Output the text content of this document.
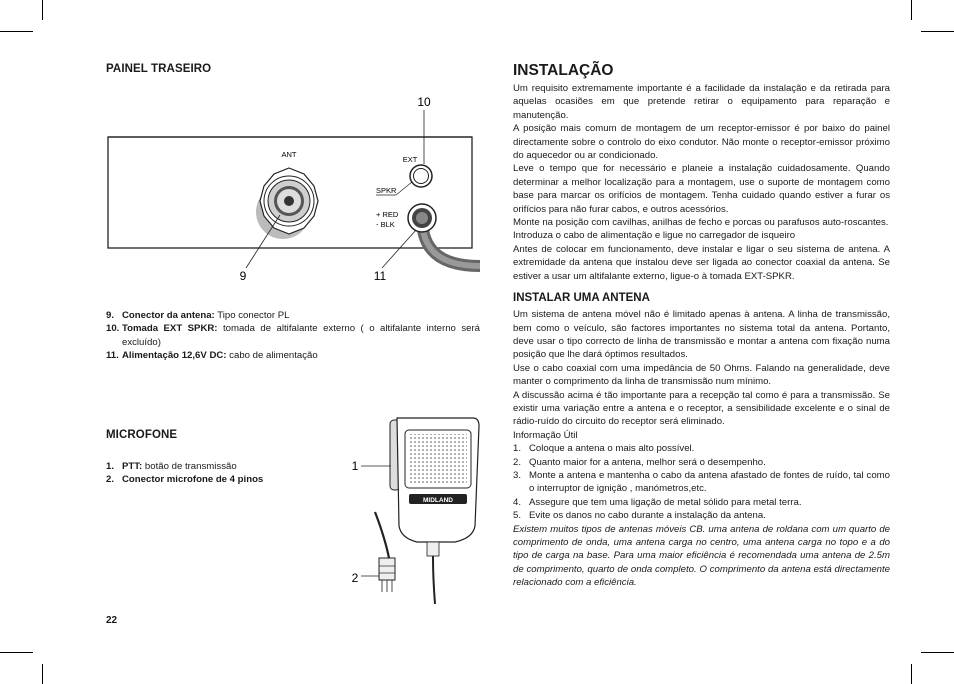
PAINEL TRASEIRO
ANT
EXT
SPKR
+ RED
- BLK
10
9	11
9. Conector da antena: Tipo conector PL
10. Tomada EXT SPKR: tomada de altifalante externo ( o altifalante interno será excluído)
11. Alimentação 12,6V DC: cabo de alimentação
MICROFONE
1. PTT: botão de transmissão
2. Conector microfone de 4 pinos
MIDLAND
1
2
22
INSTALAÇÃO

Um requisito extremamente importante é a facilidade da instalação e da retirada para aquelas ocasiões em que pretende retirar o equipamento para reparação e manutenção.

A posição mais comum de montagem de um receptor-emissor é por baixo do painel directamente sobre o controlo do eixo condutor. Não monte o receptor-emissor próximo do aquecedor ou ar condicionado.

Leve o tempo que for necessário e planeie a instalação cuidadosamente. Quando determinar a melhor localização para a montagem, use o suporte de montagem como base para marcar os orifícios de montagem. Tenha cuidado quando estiver a furar os orifícios para não furar cabos, e outros acessórios.

Monte na posição com cavilhas, anilhas de fecho e porcas ou parafusos auto-roscantes.

Introduza o cabo de alimentação e ligue no carregador de isqueiro

Antes de colocar em funcionamento, deve instalar e ligar o seu sistema de antena. A extremidade da antena que instalou deve ser ligada ao conector coaxial da antena. Se estiver a usar um altifalante externo, ligue-o à tomada EXT-SPKR.

INSTALAR UMA ANTENA

Um sistema de antena móvel não é limitado apenas à antena. A linha de transmissão, bem como o veículo, são factores importantes no sistema total da antena. Portanto, deve usar o tipo correcto de linha de transmissão e montar a antena com fixação numa posição que lhe dará óptimos resultados.

Use o cabo coaxial com uma impedância de 50 Ohms. Falando na generalidade, deve manter o comprimento da linha de transmissão num mínimo.

A discussão acima é tão importante para a recepção tal como é para a transmissão. Se existir uma variação entre a antena e o receptor, a sensibilidade excelente e o sinal de rádio-ruído do circuito do receptor será eliminado.

Informação Útil

1. Coloque a antena o mais alto possível.
2. Quanto maior for a antena, melhor será o desempenho.
3. Monte a antena e mantenha o cabo da antena afastado de fontes de ruído, tal como o interruptor de ignição , manómetros,etc.
4. Assegure que tem uma ligação de metal sólido para metal terra.
5. Evite os danos no cabo durante a instalação da antena.

Existem muitos tipos de antenas móveis CB. uma antena de roldana com um quarto de comprimento de onda, uma antena carga no centro, uma antena carga no topo e a do tipo de carga na base. Para uma maior eficiência é recomendada uma antena de 2.5m de comprimento, quarto de onda completo. O comprimento da antena está directamente relacionado com a eficiência.
